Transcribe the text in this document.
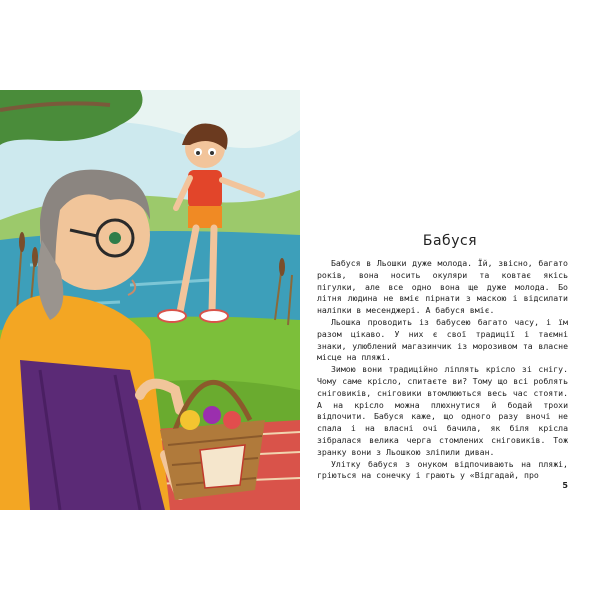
Бабуся

Бабуся в Льошки дуже молода. Їй, звісно, багато років, вона носить окуляри та ковтає якісь пігулки, але все одно вона ще дуже молода. Бо літня людина не вміє пірнати з маскою і відсилати наліпки в месенджері. А бабуся вміє.

Льошка проводить із бабусею багато часу, і їм разом цікаво. У них є свої традиції і таємні знаки, улюблений магазинчик із морозивом та власне місце на пляжі.

Зимою вони традиційно ліплять крісло зі снігу. Чому саме крісло, спитаєте ви? Тому що всі роблять сніговиків, сніговики втомлюються весь час стояти. А на крісло можна плюхнутися й бодай трохи відпочити. Бабуся каже, що одного разу вночі не спала і на власні очі бачила, як біля крісла зібралася велика черга стомлених сніговиків. Тож зранку вони з Льошкою зліпили диван.

Улітку бабуся з онуком відпочивають на пляжі, гріються на сонечку і грають у «Відгадай, про

5
